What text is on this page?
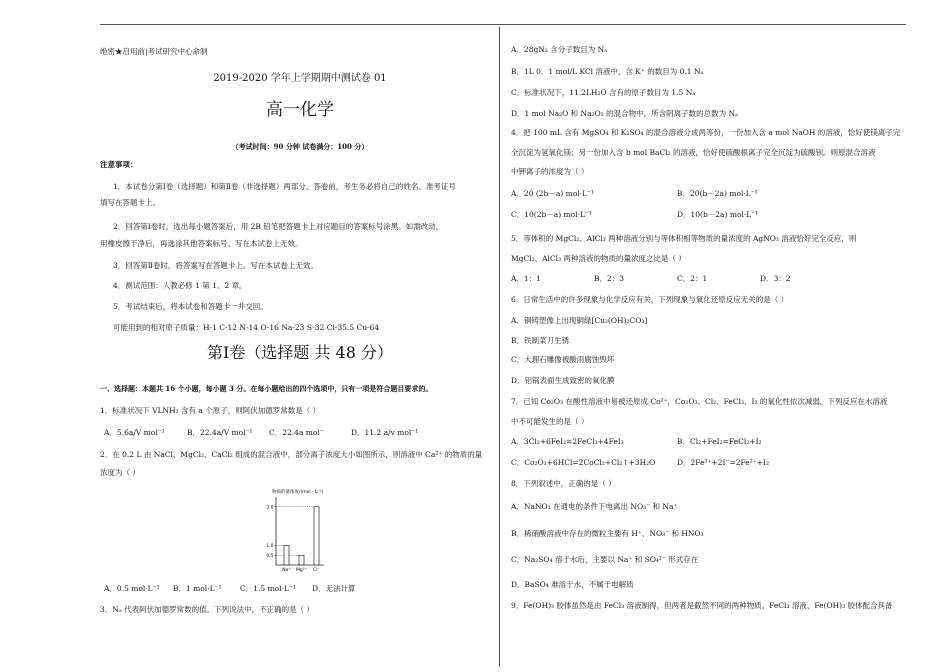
绝密★启用前|考试研究中心命制
2019-2020 学年上学期期中测试卷 01
高一化学
（考试时间：90 分钟 试卷满分：100 分）
注意事项：
1．本试卷分第Ⅰ卷（选择题）和第Ⅱ卷（非选择题）两部分。答卷前，考生务必将自己的姓名、准考证号
填写在答题卡上。
2．回答第Ⅰ卷时，选出每小题答案后，用 2B 铅笔把答题卡上对应题目的答案标号涂黑。如需改动，
用橡皮擦干净后，再选涂其他答案标号。写在本试卷上无效。
3．回答第Ⅱ卷时，将答案写在答题卡上。写在本试卷上无效。
4．测试范围：人教必修 1 第 1、2 章。
5．考试结束后，将本试卷和答题卡一并交回。
可能用到的相对原子质量：H-1 C-12 N-14 O-16 Na-23 S-32 Cl-35.5 Cu-64
第Ⅰ卷（选择题 共 48 分）
一、选择题：本题共 16 个小题，每小题 3 分。在每小题给出的四个选项中，只有一项是符合题目要求的。
1．标准状况下 VLNH₃ 含有 a 个原子，则阿伏加德罗常数是（ ）
A．5.6a/V mol⁻¹	B．22.4a/V mol⁻¹ C．22.4a mol⁻	D．11.2 a/v mol⁻¹
2．在 0.2 L 由 NaCl、MgCl₂、CaCl₂ 组成的混合液中，部分离子浓度大小如图所示，则溶液中 Ca²⁺ 的物质的量
浓度为（ ）
物质的量浓度/(mol · L⁻¹)
0.5
1.0
3.0
Na⁺ Mg²⁺ Cl⁻
A．0.5 mol·L⁻¹ B．1 mol·L⁻¹ C．1.5 mol·L⁻¹ D．无法计算
3．Nₐ 代表阿伏加德罗常数的值。下列说法中，不正确的是（ ）
A．28gN₂ 含分子数目为 Nₐ
B．1L 0．1 mol/L KCl 溶液中，含 K⁺ 的数目为 0.1 Nₐ
C．标准状况下，11.2LH₂O 含有的原子数目为 1.5 Nₐ
D．1 mol Na₂O 和 Na₂O₂ 的混合物中，所含阴离子数的总数为 Nₐ
4．把 100 mL 含有 MgSO₄ 和 K₂SO₄ 的混合溶液分成两等份，一份加入含 a mol NaOH 的溶液，恰好使镁离子完
全沉淀为氢氧化镁；另一份加入含 b mol BaCl₂ 的溶液，恰好使硫酸根离子完全沉淀为硫酸钡。则原混合溶液
中钾离子的浓度为（ ）
A．20 (2b－a) mol·L⁻¹	B．20(b－2a) mol·L⁻¹
C．10(2b－a) mol·L⁻¹	D．10(b－2a) mol·L⁻¹
5．等体积的 MgCl₂、AlCl₃ 两种溶液分别与等体积相等物质的量浓度的 AgNO₃ 溶液恰好完全反应，则
MgCl₂、AlCl₃ 两种溶液的物质的量浓度之比是（ ）
A．1：1	B．2：3	C．2：1	D．3：2
6．日常生活中的许多现象与化学反应有关，下列现象与氧化还原反应无关的是（ ）
A．铜铸塑像上出现铜绿[Cu₂(OH)₂CO₃]
B．铁制菜刀生锈
C．大理石雕像被酸雨腐蚀毁坏
D．铝锅表面生成致密的氧化膜
7．已知 Co₂O₃ 在酸性溶液中易被还原成 Co²⁺，Co₂O₃、Cl₂、FeCl₃、I₂ 的氧化性依次减弱。下列反应在水溶液
中不可能发生的是（ ）
A．3Cl₂+6FeI₂=2FeCl₃+4FeI₃	B．Cl₂+FeI₂=FeCl₂+I₂
C．Co₂O₃+6HCl=2CoCl₂+Cl₂↑+3H₂O	D．2Fe³⁺+2I⁻=2Fe²⁺+I₂
8．下列叙述中，正确的是（ ）
A．NaNO₃ 在通电的条件下电离出 NO₃⁻ 和 Na⁺
B．稀硝酸溶液中存在的微粒主要有 H⁺、NO₃⁻ 和 HNO₃
C．Na₂SO₄ 溶于水后，主要以 Na⁺ 和 SO₄²⁻ 形式存在
D．BaSO₄ 难溶于水，不属于电解质
9．Fe(OH)₃ 胶体虽然是由 FeCl₃ 溶液制得，但两者是截然不同的两种物质。FeCl₃ 溶液、Fe(OH)₃ 胶体配合具备
